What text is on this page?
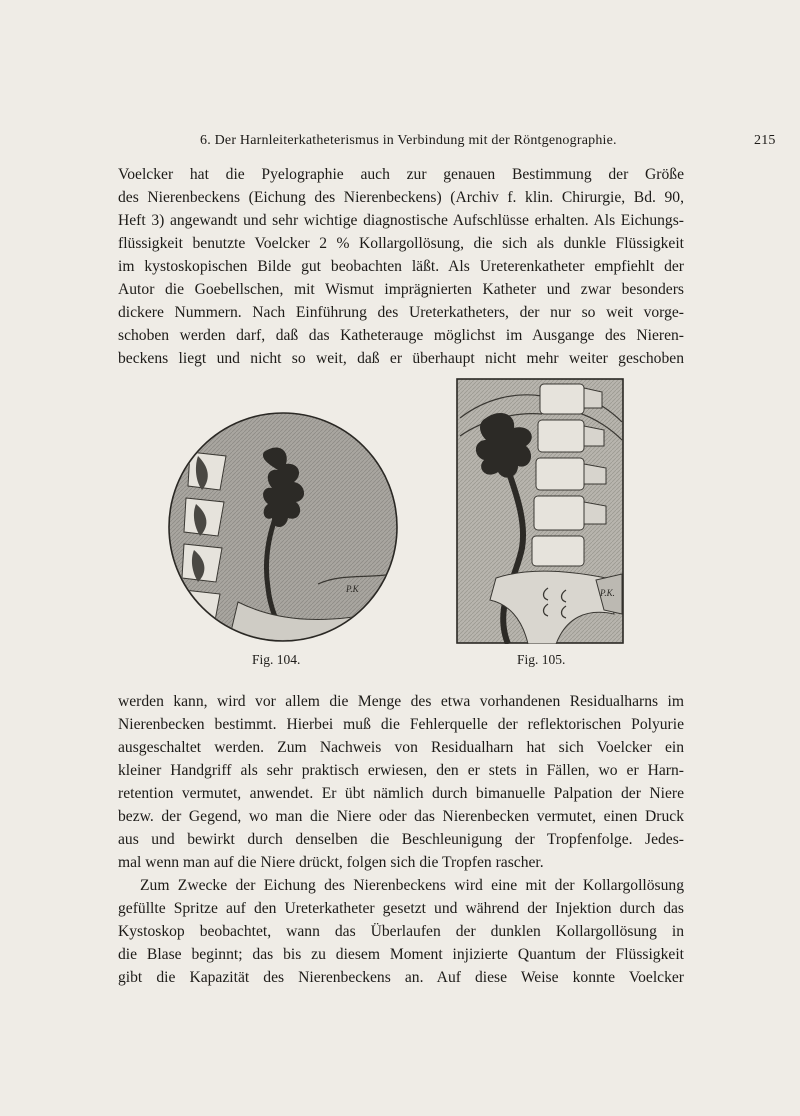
6. Der Harnleiterkatheterismus in Verbindung mit der Röntgenographie.	215
Voelcker hat die Pyelographie auch zur genauen Bestimmung der Größe
des Nierenbeckens (Eichung des Nierenbeckens) (Archiv f. klin. Chirurgie, Bd. 90,
Heft 3) angewandt und sehr wichtige diagnostische Aufschlüsse erhalten. Als Eichungs-
flüssigkeit benutzte Voelcker 2 % Kollargollösung, die sich als dunkle Flüssigkeit
im kystoskopischen Bilde gut beobachten läßt. Als Ureterenkatheter empfiehlt der
Autor die Goebellschen, mit Wismut imprägnierten Katheter und zwar besonders
dickere Nummern. Nach Einführung des Ureterkatheters, der nur so weit vorge-
schoben werden darf, daß das Katheterauge möglichst im Ausgange des Nieren-
beckens liegt und nicht so weit, daß er überhaupt nicht mehr weiter geschoben
P.K	P.K.
Fig. 104.	Fig. 105.
werden kann, wird vor allem die Menge des etwa vorhandenen Residualharns im
Nierenbecken bestimmt. Hierbei muß die Fehlerquelle der reflektorischen Polyurie
ausgeschaltet werden. Zum Nachweis von Residualharn hat sich Voelcker ein
kleiner Handgriff als sehr praktisch erwiesen, den er stets in Fällen, wo er Harn-
retention vermutet, anwendet. Er übt nämlich durch bimanuelle Palpation der Niere
bezw. der Gegend, wo man die Niere oder das Nierenbecken vermutet, einen Druck
aus und bewirkt durch denselben die Beschleunigung der Tropfenfolge. Jedes-
mal wenn man auf die Niere drückt, folgen sich die Tropfen rascher.
Zum Zwecke der Eichung des Nierenbeckens wird eine mit der Kollargollösung
gefüllte Spritze auf den Ureterkatheter gesetzt und während der Injektion durch das
Kystoskop beobachtet, wann das Überlaufen der dunklen Kollargollösung in
die Blase beginnt; das bis zu diesem Moment injizierte Quantum der Flüssigkeit
gibt die Kapazität des Nierenbeckens an. Auf diese Weise konnte Voelcker
